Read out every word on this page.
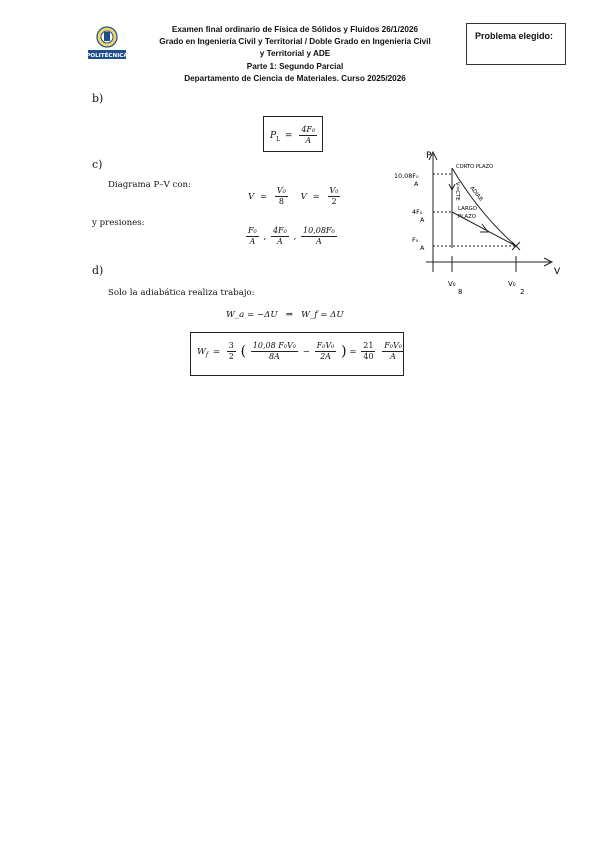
POLITÉCNICA
Examen final ordinario de Física de Sólidos y Fluidos 26/1/2026
Grado en Ingeniería Civil y Territorial / Doble Grado en Ingeniería Civil
y Territorial y ADE
Parte 1: Segundo Parcial
Departamento de Ciencia de Materiales. Curso 2025/2026
Problema elegido:
b)
$P_L = \frac{\text{4F₀}}{A}$
c)
Diagrama P–V con:
$V = \frac{\text{V₀}}{8}$ $V = \frac{\text{V₀}}{2}$
y presiones:
$\frac{\text{F₀}}{A}$ , $\frac{\text{4F₀}}{A}$ , $\frac{\text{10,08F₀}}{A}$
P
V
CORTO PLAZO
10,08F₀
A
4F₀
A
F₀
A
LARGO
PLAZO
V=CTE ADIAB
V₀
8
V₀
2
d)
Solo la adiabática realiza trabajo:
W_a = −ΔU   ⇒   W_f = ΔU
$W_f = \frac{3}{2}$ ( $\frac{\text{10,08 F₀V₀}}{8A} - \frac{\text{F₀V₀}}{2A}$ ) = $\frac{21}{40}$
$\frac{\text{F₀V₀}}{A}$
